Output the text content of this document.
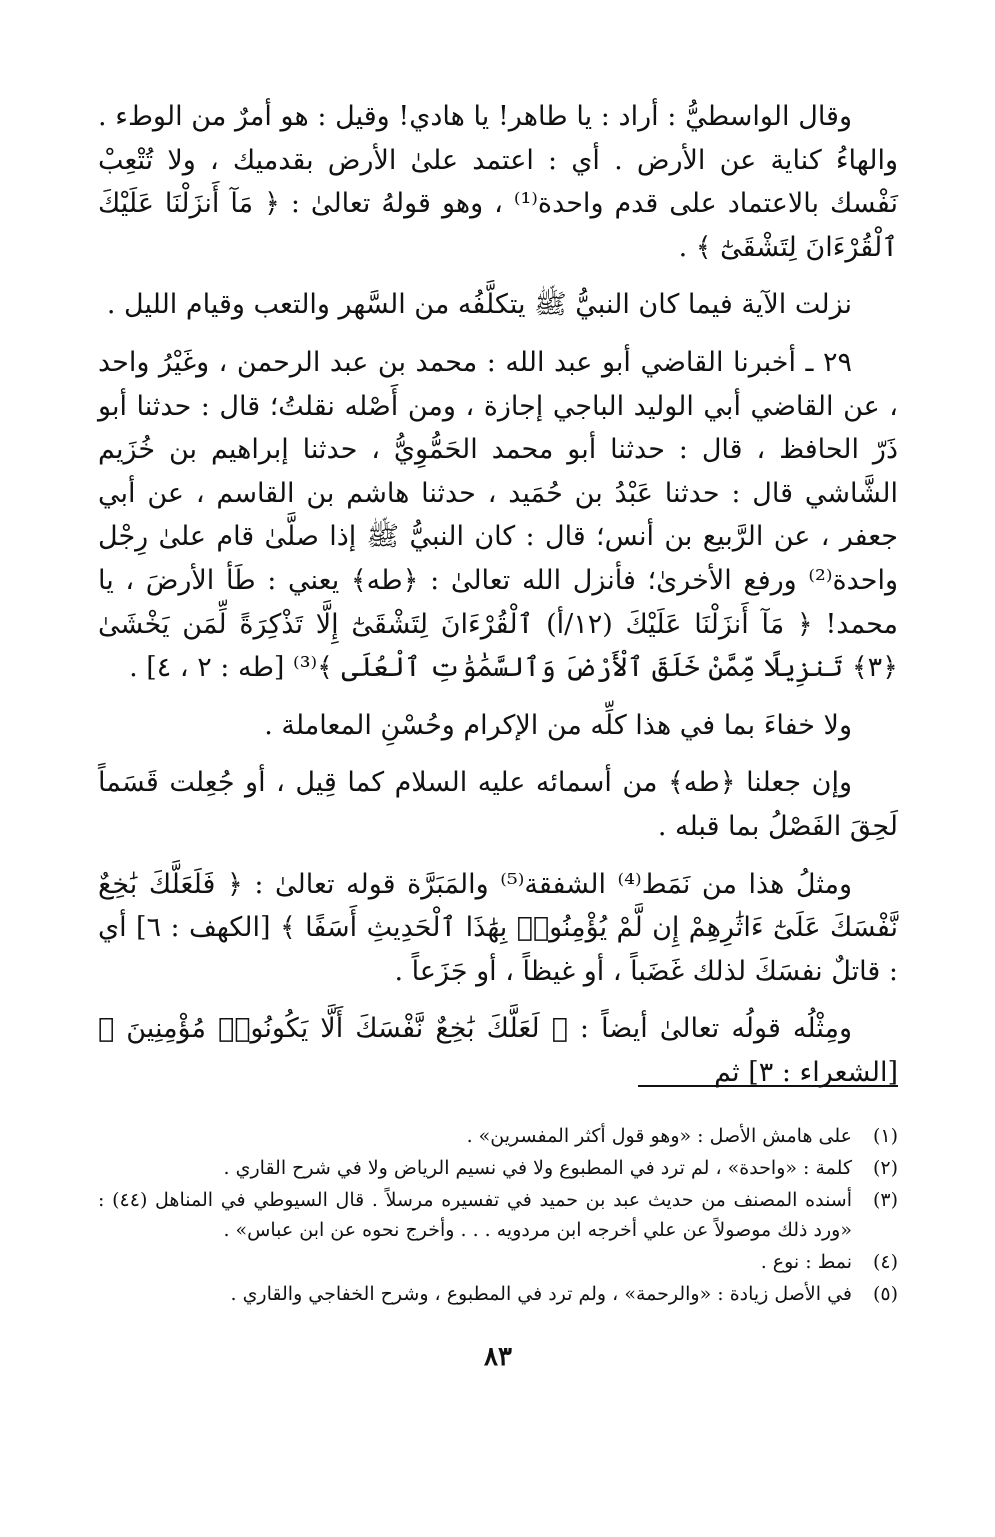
وقال الواسطيُّ : أراد : يا طاهر! يا هادي! وقيل : هو أمرٌ من الوطء . والهاءُ كناية عن الأرض . أي : اعتمد علىٰ الأرض بقدميك ، ولا تُتْعِبْ نَفْسك بالاعتماد على قدم واحدة⁽¹⁾ ، وهو قولهُ تعالىٰ : ﴿ مَآ أَنزَلْنَا عَلَيْكَ ٱلْقُرْءَانَ لِتَشْقَىٰٓ ﴾ .

نزلت الآية فيما كان النبيُّ ﷺ يتكلَّفُه من السَّهر والتعب وقيام الليل .

٢٩ ـ أخبرنا القاضي أبو عبد الله : محمد بن عبد الرحمن ، وغَيْرُ واحد ، عن القاضي أبي الوليد الباجي إجازة ، ومن أَصْله نقلتُ؛ قال : حدثنا أبو ذَرّ الحافظ ، قال : حدثنا أبو محمد الحَمُّوِيُّ ، حدثنا إبراهيم بن خُزَيم الشَّاشي قال : حدثنا عَبْدُ بن حُمَيد ، حدثنا هاشم بن القاسم ، عن أبي جعفر ، عن الرَّبيع بن أنس؛ قال : كان النبيُّ ﷺ إذا صلَّىٰ قام علىٰ رِجْل واحدة⁽²⁾ ورفع الأخرىٰ؛ فأنزل الله تعالىٰ : ﴿طه﴾ يعني : طَأ الأرضَ ، يا محمد! ﴿ مَآ أَنزَلْنَا عَلَيْكَ (١٢/أ) ٱلْقُرْءَانَ لِتَشْقَىٰٓ إِلَّا تَذْكِرَةً لِّمَن يَخْشَىٰ ﴿٣﴾ تَنزِيلًا مِّمَّنْ خَلَقَ ٱلْأَرْضَ وَٱلسَّمَٰوَٰتِ ٱلْعُلَى ﴾⁽³⁾ [طه : ٢ ، ٤] .

ولا خفاءَ بما في هذا كلِّه من الإكرام وحُسْنِ المعاملة .

وإن جعلنا ﴿طه﴾ من أسمائه عليه السلام كما قِيل ، أو جُعِلت قَسَماً لَحِقَ الفَصْلُ بما قبله .

ومثلُ هذا من نَمَط⁽⁴⁾ الشفقة⁽⁵⁾ والمَبَرَّة قوله تعالىٰ : ﴿ فَلَعَلَّكَ بَٰخِعٌ نَّفْسَكَ عَلَىٰٓ ءَاثَٰرِهِمْ إِن لَّمْ يُؤْمِنُوا۟ بِهَٰذَا ٱلْحَدِيثِ أَسَفًا ﴾ [الكهف : ٦] أي : قاتلٌ نفسَكَ لذلك غَضَباً ، أو غيظاً ، أو جَزَعاً .

ومِثْلُه قولُه تعالىٰ أيضاً : ﴿ لَعَلَّكَ بَٰخِعٌ نَّفْسَكَ أَلَّا يَكُونُوا۟ مُؤْمِنِينَ ﴾ [الشعراء : ٣] ثم

(١)
على هامش الأصل : «وهو قول أكثر المفسرين» .
(٢)
كلمة : «واحدة» ، لم ترد في المطبوع ولا في نسيم الرياض ولا في شرح القاري .
(٣)
أسنده المصنف من حديث عبد بن حميد في تفسيره مرسلاً . قال السيوطي في المناهل (٤٤) : «ورد ذلك موصولاً عن علي أخرجه ابن مردويه . . . وأخرج نحوه عن ابن عباس» .
(٤)
نمط : نوع .
(٥)
في الأصل زيادة : «والرحمة» ، ولم ترد في المطبوع ، وشرح الخفاجي والقاري .
٨٣
